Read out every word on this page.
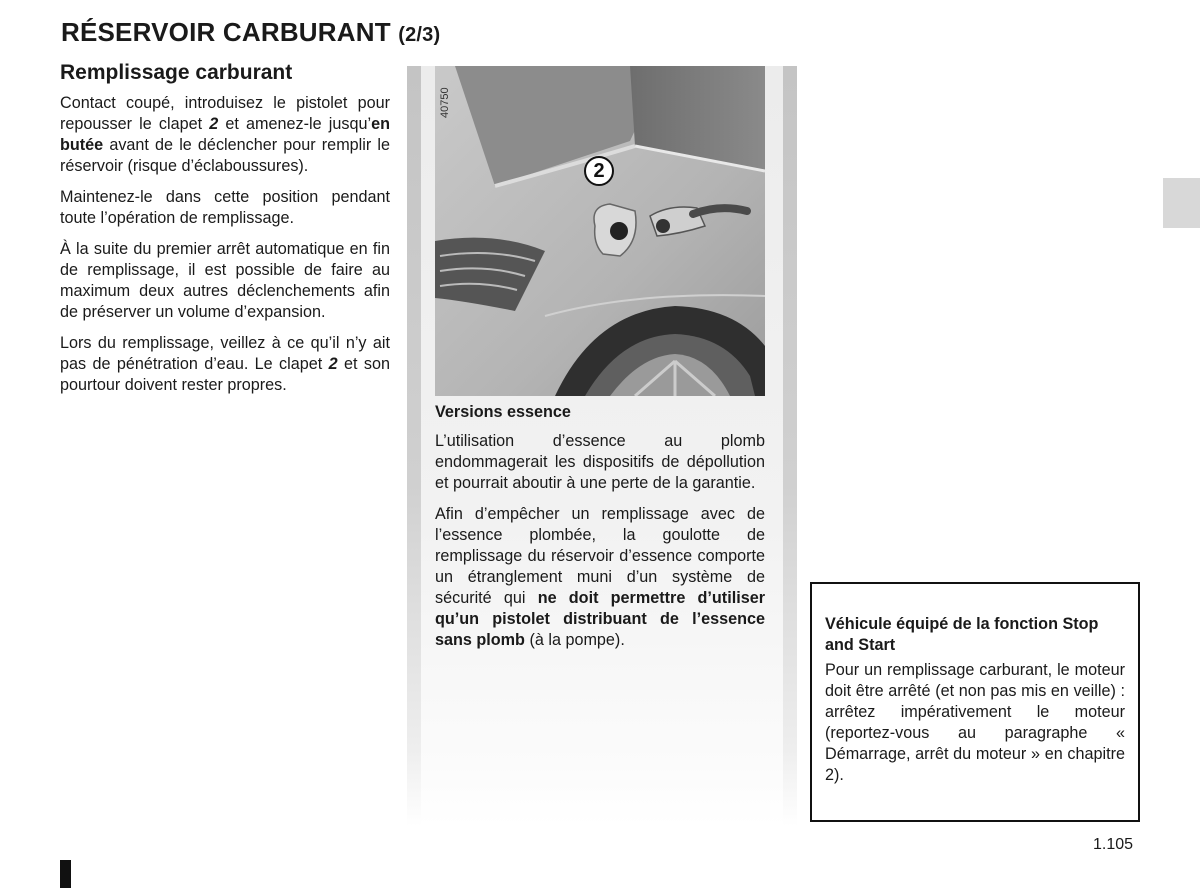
RÉSERVOIR CARBURANT (2/3)
Remplissage carburant

Contact coupé, introduisez le pistolet pour repousser le clapet 2 et amenez-le jusqu’en butée avant de le déclencher pour remplir le réservoir (risque d’éclaboussures).

Maintenez-le dans cette position pendant toute l’opération de remplissage.

À la suite du premier arrêt automatique en fin de remplissage, il est possible de faire au maximum deux autres déclenchements afin de préserver un volume d’expansion.

Lors du remplissage, veillez à ce qu’il n’y ait pas de pénétration d’eau. Le clapet 2 et son pourtour doivent rester propres.

40750
2
Versions essence

L’utilisation d’essence au plomb endommagerait les dispositifs de dépollution et pourrait aboutir à une perte de la garantie.

Afin d’empêcher un remplissage avec de l’essence plombée, la goulotte de remplissage du réservoir d’essence comporte un étranglement muni d’un système de sécurité qui ne doit permettre d’utiliser qu’un pistolet distribuant de l’essence sans plomb (à la pompe).

Véhicule équipé de la fonction Stop and Start

Pour un remplissage carburant, le moteur doit être arrêté (et non pas mis en veille) : arrêtez impérativement le moteur (reportez-vous au paragraphe « Démarrage, arrêt du moteur » en chapitre 2).

1.105
